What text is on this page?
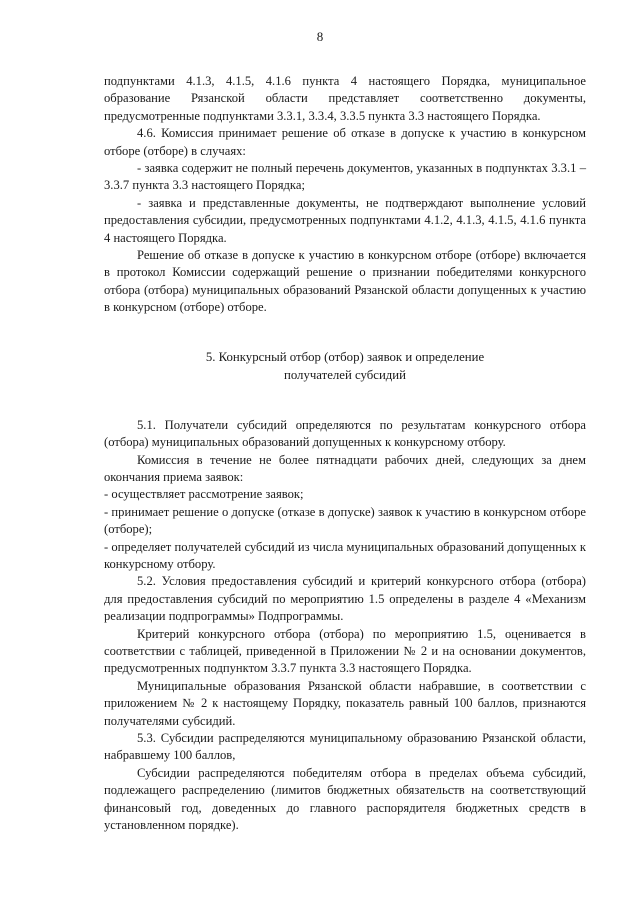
8

подпунктами 4.1.3, 4.1.5, 4.1.6 пункта 4 настоящего Порядка, муниципальное образование Рязанской области представляет соответственно документы, предусмотренные подпунктами 3.3.1, 3.3.4, 3.3.5 пункта 3.3 настоящего Порядка.

4.6. Комиссия принимает решение об отказе в допуске к участию в конкурсном отборе (отборе) в случаях:

- заявка содержит не полный перечень документов, указанных в подпунктах 3.3.1 – 3.3.7 пункта 3.3 настоящего Порядка;

- заявка и представленные документы, не подтверждают выполнение условий предоставления субсидии, предусмотренных подпунктами 4.1.2, 4.1.3, 4.1.5, 4.1.6 пункта 4 настоящего Порядка.

Решение об отказе в допуске к участию в конкурсном отборе (отборе) включается в протокол Комиссии содержащий решение о признании победителями конкурсного отбора (отбора) муниципальных образований Рязанской области допущенных к участию в конкурсном (отборе) отборе.

5. Конкурсный отбор (отбор) заявок и определение
получателей субсидий

5.1. Получатели субсидий определяются по результатам конкурсного отбора (отбора) муниципальных образований допущенных к конкурсному отбору.

Комиссия в течение не более пятнадцати рабочих дней, следующих за днем окончания приема заявок:

- осуществляет рассмотрение заявок;

- принимает решение о допуске (отказе в допуске) заявок к участию в конкурсном отборе (отборе);

- определяет получателей субсидий из числа муниципальных образований допущенных к конкурсному отбору.

5.2. Условия предоставления субсидий и критерий конкурсного отбора (отбора) для предоставления субсидий по мероприятию 1.5 определены в разделе 4 «Механизм реализации подпрограммы» Подпрограммы.

Критерий конкурсного отбора (отбора) по мероприятию 1.5, оценивается в соответствии с таблицей, приведенной в Приложении № 2 и на основании документов, предусмотренных подпунктом 3.3.7 пункта 3.3 настоящего Порядка.

Муниципальные образования Рязанской области набравшие, в соответствии с приложением № 2 к настоящему Порядку, показатель равный 100 баллов, признаются получателями субсидий.

5.3. Субсидии распределяются муниципальному образованию Рязанской области, набравшему 100 баллов,

Субсидии распределяются победителям отбора в пределах объема субсидий, подлежащего распределению (лимитов бюджетных обязательств на соответствующий финансовый год, доведенных до главного распорядителя бюджетных средств в установленном порядке).
